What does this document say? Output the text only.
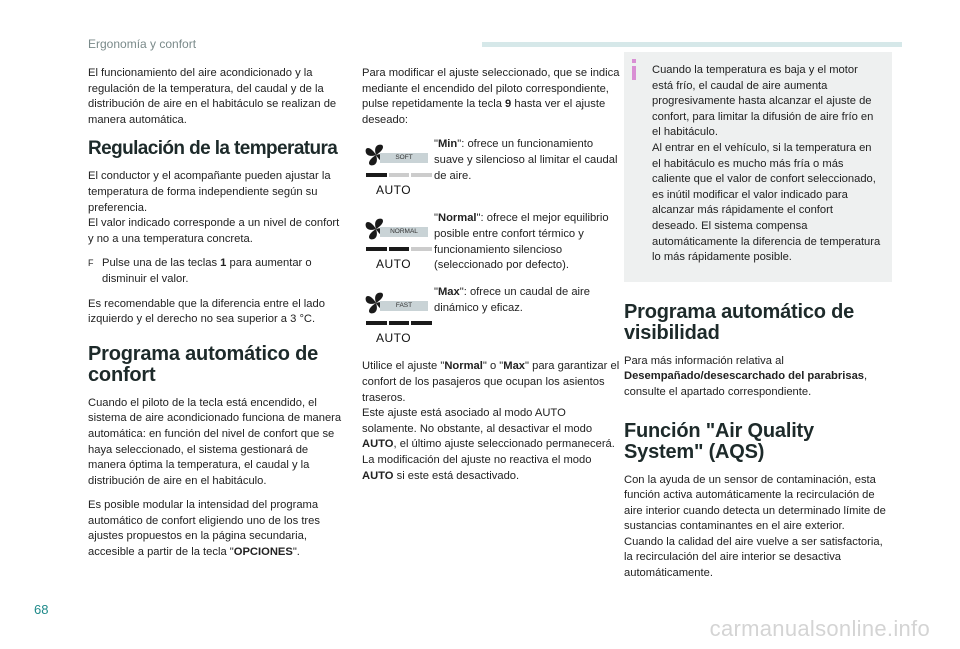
Ergonomía y confort

El funcionamiento del aire acondicionado y la regulación de la temperatura, del caudal y de la distribución de aire en el habitáculo se realizan de manera automática.

Regulación de la temperatura

El conductor y el acompañante pueden ajustar la temperatura de forma independiente según su preferencia.
El valor indicado corresponde a un nivel de confort y no a una temperatura concreta.

F Pulse una de las teclas 1 para aumentar o disminuir el valor.

Es recomendable que la diferencia entre el lado izquierdo y el derecho no sea superior a 3 °C.

Programa automático de confort

Cuando el piloto de la tecla está encendido, el sistema de aire acondicionado funciona de manera automática: en función del nivel de confort que se haya seleccionado, el sistema gestionará de manera óptima la temperatura, el caudal y la distribución de aire en el habitáculo.

Es posible modular la intensidad del programa automático de confort eligiendo uno de los tres ajustes propuestos en la página secundaria, accesible a partir de la tecla "OPCIONES".

Para modificar el ajuste seleccionado, que se indica mediante el encendido del piloto correspondiente, pulse repetidamente la tecla 9 hasta ver el ajuste deseado:

SOFT
AUTO
"Min": ofrece un funcionamiento suave y silencioso al limitar el caudal de aire.
NORMAL
AUTO
"Normal": ofrece el mejor equilibrio posible entre confort térmico y funcionamiento silencioso (seleccionado por defecto).
FAST
AUTO
"Max": ofrece un caudal de aire dinámico y eficaz.

Utilice el ajuste "Normal" o "Max" para garantizar el confort de los pasajeros que ocupan los asientos traseros.

Este ajuste está asociado al modo AUTO solamente. No obstante, al desactivar el modo AUTO, el último ajuste seleccionado permanecerá.

La modificación del ajuste no reactiva el modo AUTO si este está desactivado.

Cuando la temperatura es baja y el motor está frío, el caudal de aire aumenta progresivamente hasta alcanzar el ajuste de confort, para limitar la difusión de aire frío en el habitáculo.
Al entrar en el vehículo, si la temperatura en el habitáculo es mucho más fría o más caliente que el valor de confort seleccionado, es inútil modificar el valor indicado para alcanzar más rápidamente el confort deseado. El sistema compensa automáticamente la diferencia de temperatura lo más rápidamente posible.
Programa automático de visibilidad

Para más información relativa al Desempañado/desescarchado del parabrisas, consulte el apartado correspondiente.

Función "Air Quality System" (AQS)

Con la ayuda de un sensor de contaminación, esta función activa automáticamente la recirculación de aire interior cuando detecta un determinado límite de sustancias contaminantes en el aire exterior.
Cuando la calidad del aire vuelve a ser satisfactoria, la recirculación del aire interior se desactiva automáticamente.

68
carmanualsonline.info
